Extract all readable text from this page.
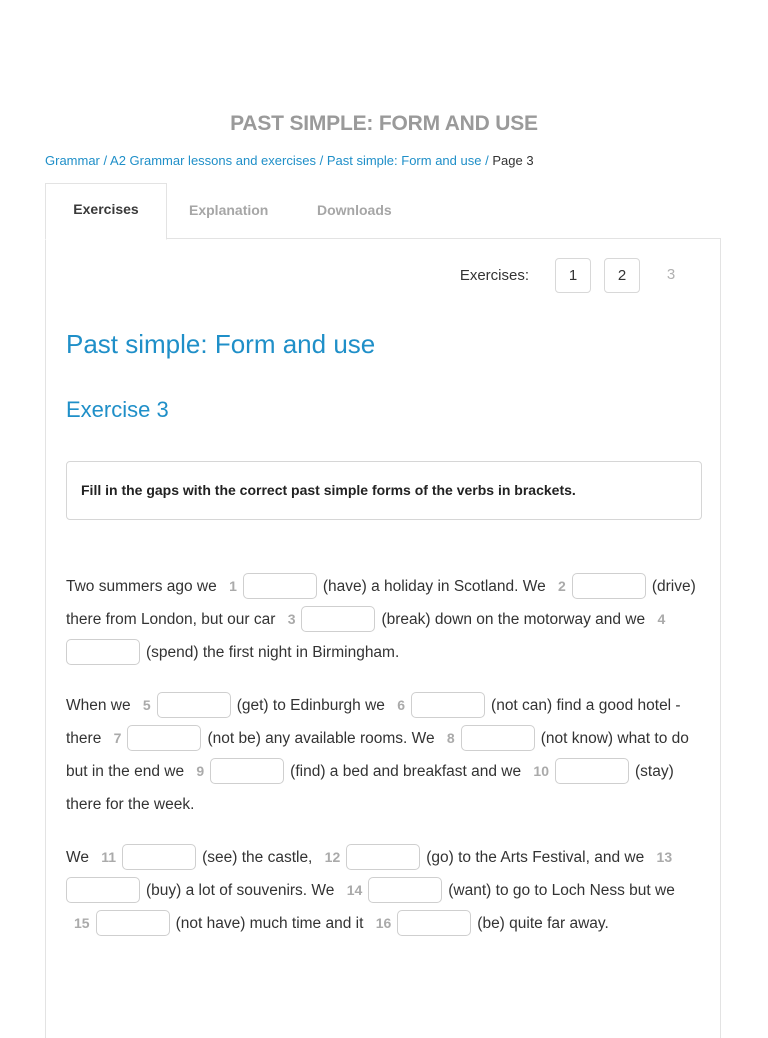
PAST SIMPLE: FORM AND USE
Grammar / A2 Grammar lessons and exercises / Past simple: Form and use / Page 3
Exercises	Explanation	Downloads
Exercises:	1	2	3
Past simple: Form and use
Exercise 3
Fill in the gaps with the correct past simple forms of the verbs in brackets.
Two summers ago we 1	(have) a holiday in Scotland. We 2	(drive) there from London, but our car 3	(break) down on the motorway and we 4(spend) the first night in Birmingham.
When we 5	(get) to Edinburgh we 6	(not can) find a good hotel - there 7	(not be) any available rooms. We 8	(not know) what to do but in the end we 9	(find) a bed and breakfast and we 10	(stay) there for the week.
We 11	(see) the castle, 12	(go) to the Arts Festival, and we 13(buy) a lot of souvenirs. We 14	(want) to go to Loch Ness but we 15	(not have) much time and it 16	(be) quite far away.
